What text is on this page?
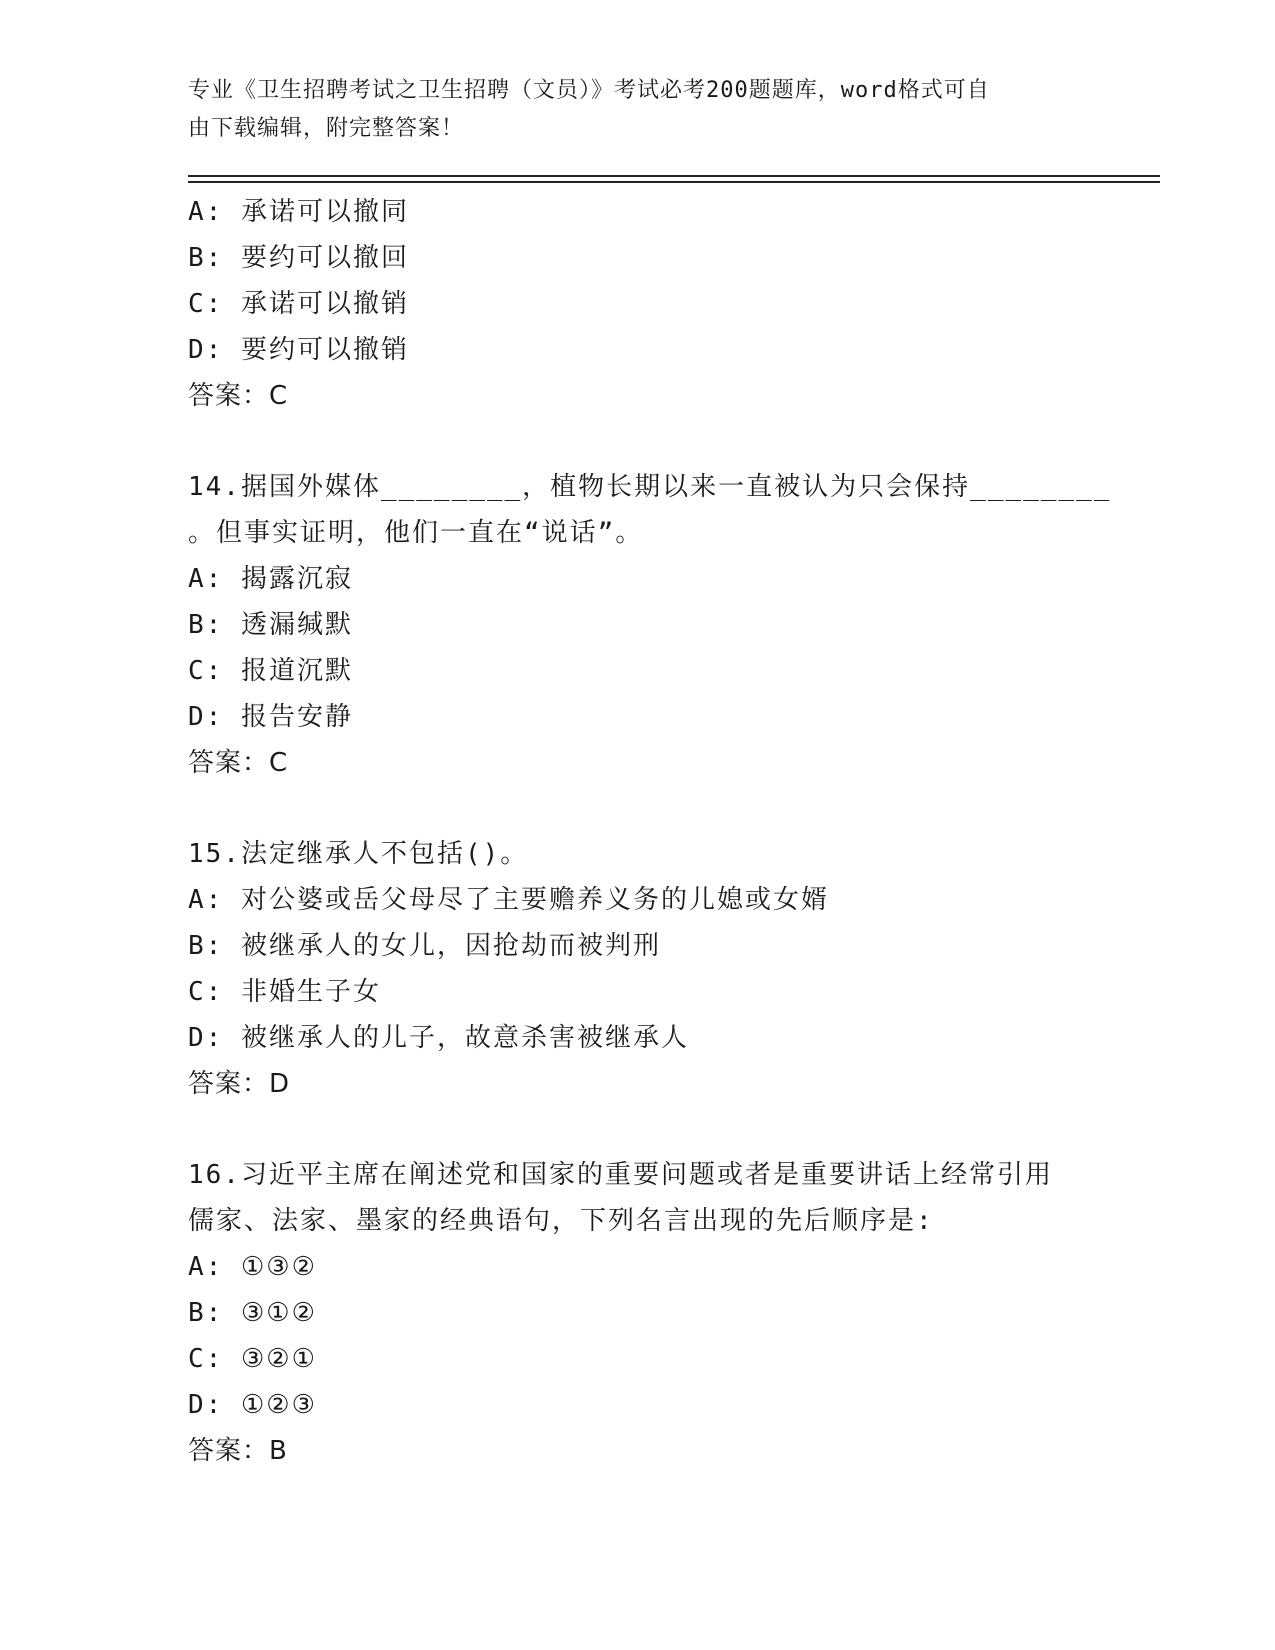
专业《卫生招聘考试之卫生招聘（文员）》考试必考200题题库，word格式可自
由下载编辑，附完整答案！
A: 承诺可以撤同
B: 要约可以撤回
C: 承诺可以撤销
D: 要约可以撤销
答案：C
14.据国外媒体________，植物长期以来一直被认为只会保持________
。但事实证明，他们一直在“说话”。
A: 揭露沉寂
B: 透漏缄默
C: 报道沉默
D: 报告安静
答案：C
15.法定继承人不包括()。
A: 对公婆或岳父母尽了主要赡养义务的儿媳或女婿
B: 被继承人的女儿，因抢劫而被判刑
C: 非婚生子女
D: 被继承人的儿子，故意杀害被继承人
答案：D
16.习近平主席在阐述党和国家的重要问题或者是重要讲话上经常引用
儒家、法家、墨家的经典语句，下列名言出现的先后顺序是:
A: ①③②
B: ③①②
C: ③②①
D: ①②③
答案：B
